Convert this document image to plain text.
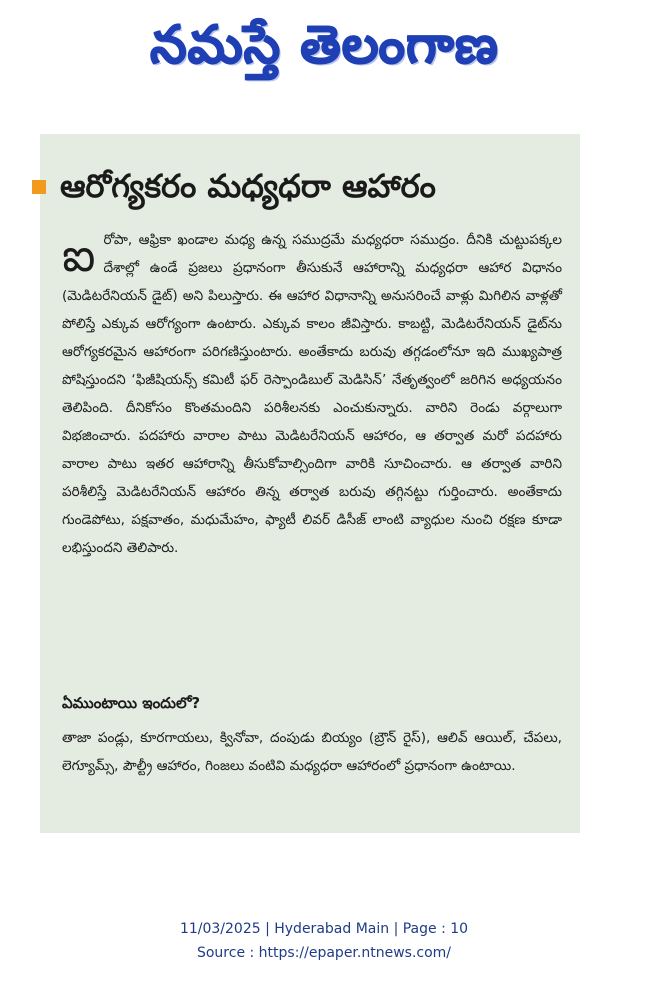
నమస్తే తెలంగాణ
ఆరోగ్యకరం మధ్యధరా ఆహారం
ఐరోపా, ఆఫ్రికా ఖండాల మధ్య ఉన్న సముద్రమే మధ్యధరా సముద్రం. దీనికి చుట్టుపక్కల దేశాల్లో ఉండే ప్రజలు ప్రధానంగా తీసుకునే ఆహారాన్ని మధ్యధరా ఆహార విధానం (మెడిటరేనియన్ డైట్) అని పిలుస్తారు. ఈ ఆహార విధానాన్ని అనుసరించే వాళ్లు మిగిలిన వాళ్లతో పోలిస్తే ఎక్కువ ఆరోగ్యంగా ఉంటారు. ఎక్కువ కాలం జీవిస్తారు. కాబట్టి, మెడిటరేనియన్ డైట్‌ను ఆరోగ్యకరమైన ఆహారంగా పరిగణిస్తుంటారు. అంతేకాదు బరువు తగ్గడంలోనూ ఇది ముఖ్యపాత్ర పోషిస్తుందని ‘ఫిజీషియన్స్ కమిటీ ఫర్ రెస్పాండిబుల్ మెడిసిన్’ నేతృత్వంలో జరిగిన అధ్యయనం తెలిపింది. దీనికోసం కొంతమందిని పరిశీలనకు ఎంచుకున్నారు. వారిని రెండు వర్గాలుగా విభజించారు. పదహారు వారాల పాటు మెడిటరేనియన్ ఆహారం, ఆ తర్వాత మరో పదహారు వారాల పాటు ఇతర ఆహారాన్ని తీసుకోవాల్సిందిగా వారికి సూచించారు. ఆ తర్వాత వారిని పరిశీలిస్తే మెడిటరేనియన్ ఆహారం తిన్న తర్వాత బరువు తగ్గినట్టు గుర్తించారు. అంతేకాదు గుండెపోటు, పక్షవాతం, మధుమేహం, ఫ్యాటీ లివర్ డిసీజ్ లాంటి వ్యాధుల నుంచి రక్షణ కూడా లభిస్తుందని తెలిపారు.
ఏముంటాయి ఇందులో?
తాజా పండ్లు, కూరగాయలు, క్వినోవా, దంపుడు బియ్యం (బ్రౌన్ రైస్), ఆలివ్ ఆయిల్, చేపలు, లెగ్యూమ్స్, పౌల్ట్రీ ఆహారం, గింజలు వంటివి మధ్యధరా ఆహారంలో ప్రధానంగా ఉంటాయి.
11/03/2025 | Hyderabad Main | Page : 10
Source : https://epaper.ntnews.com/
